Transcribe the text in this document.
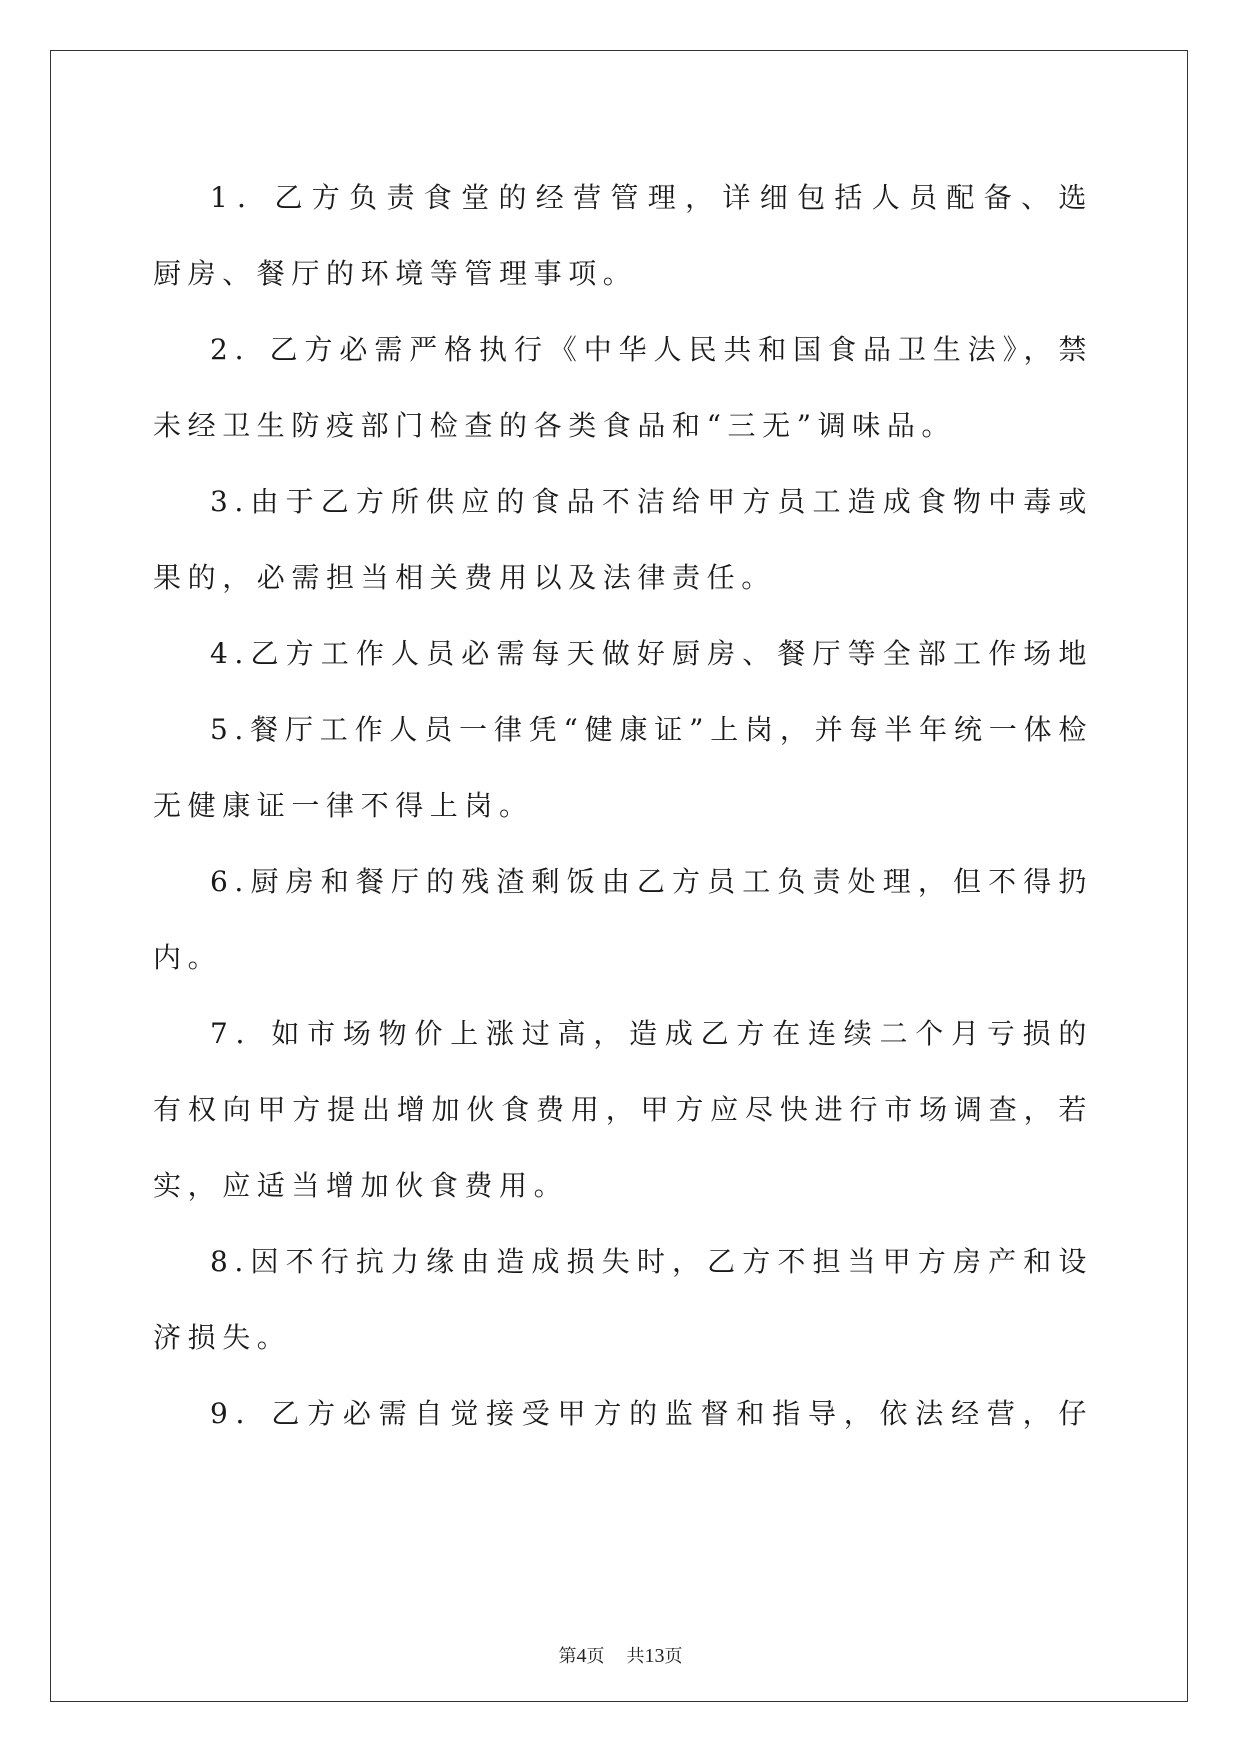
1．乙方负责食堂的经营管理，详细包括人员配备、选

厨房、餐厅的环境等管理事项。

2．乙方必需严格执行《中华人民共和国食品卫生法》，禁

未经卫生防疫部门检查的各类食品和“三无”调味品。

3.由于乙方所供应的食品不洁给甲方员工造成食物中毒或

果的，必需担当相关费用以及法律责任。

4.乙方工作人员必需每天做好厨房、餐厅等全部工作场地

5.餐厅工作人员一律凭“健康证”上岗，并每半年统一体检

无健康证一律不得上岗。

6.厨房和餐厅的残渣剩饭由乙方员工负责处理，但不得扔

内。

7．如市场物价上涨过高，造成乙方在连续二个月亏损的

有权向甲方提出增加伙食费用，甲方应尽快进行市场调查，若

实，应适当增加伙食费用。

8.因不行抗力缘由造成损失时，乙方不担当甲方房产和设

济损失。

9．乙方必需自觉接受甲方的监督和指导，依法经营，仔

第4页 共13页
